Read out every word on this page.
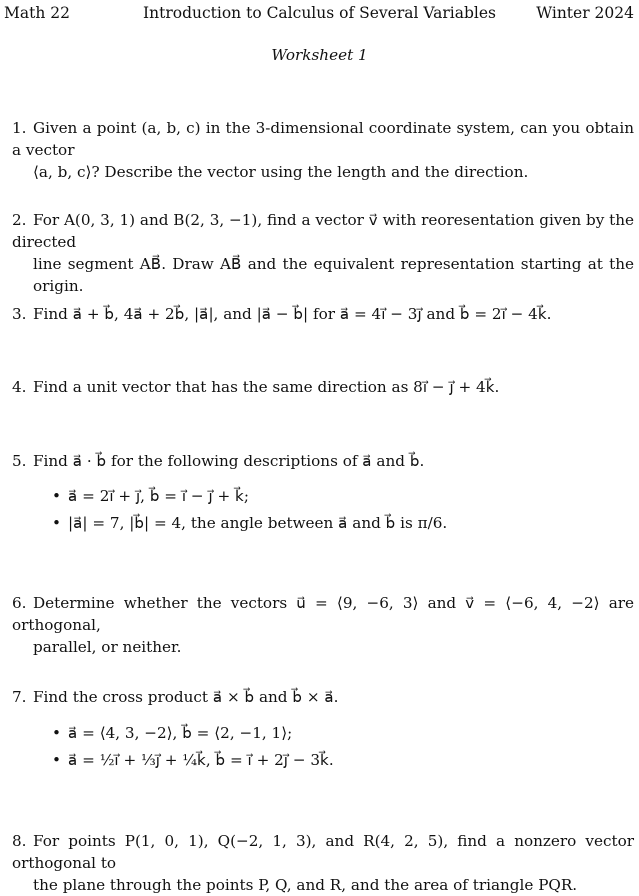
Math 22	Introduction to Calculus of Several Variables	Winter 2024
Worksheet 1
1. Given a point (a, b, c) in the 3-dimensional coordinate system, can you obtain a vector
⟨a, b, c⟩? Describe the vector using the length and the direction.
2. For A(0, 3, 1) and B(2, 3, −1), find a vector v⃗ with reoresentation given by the directed
line segment AB⃗. Draw AB⃗ and the equivalent representation starting at the origin.
3. Find a⃗ + b⃗, 4a⃗ + 2b⃗, |a⃗|, and |a⃗ − b⃗| for a⃗ = 4i⃗ − 3j⃗ and b⃗ = 2i⃗ − 4k⃗.
4. Find a unit vector that has the same direction as 8i⃗ − j⃗ + 4k⃗.
5. Find a⃗ · b⃗ for the following descriptions of a⃗ and b⃗.
• a⃗ = 2i⃗ + j⃗, b⃗ = i⃗ − j⃗ + k⃗;
• |a⃗| = 7, |b⃗| = 4, the angle between a⃗ and b⃗ is π/6.
6. Determine whether the vectors u⃗ = ⟨9, −6, 3⟩ and v⃗ = ⟨−6, 4, −2⟩ are orthogonal,
parallel, or neither.
7. Find the cross product a⃗ × b⃗ and b⃗ × a⃗.
• a⃗ = ⟨4, 3, −2⟩, b⃗ = ⟨2, −1, 1⟩;
• a⃗ = ½i⃗ + ⅓j⃗ + ¼k⃗, b⃗ = i⃗ + 2j⃗ − 3k⃗.
8. For points P(1, 0, 1), Q(−2, 1, 3), and R(4, 2, 5), find a nonzero vector orthogonal to
the plane through the points P, Q, and R, and the area of triangle PQR.
